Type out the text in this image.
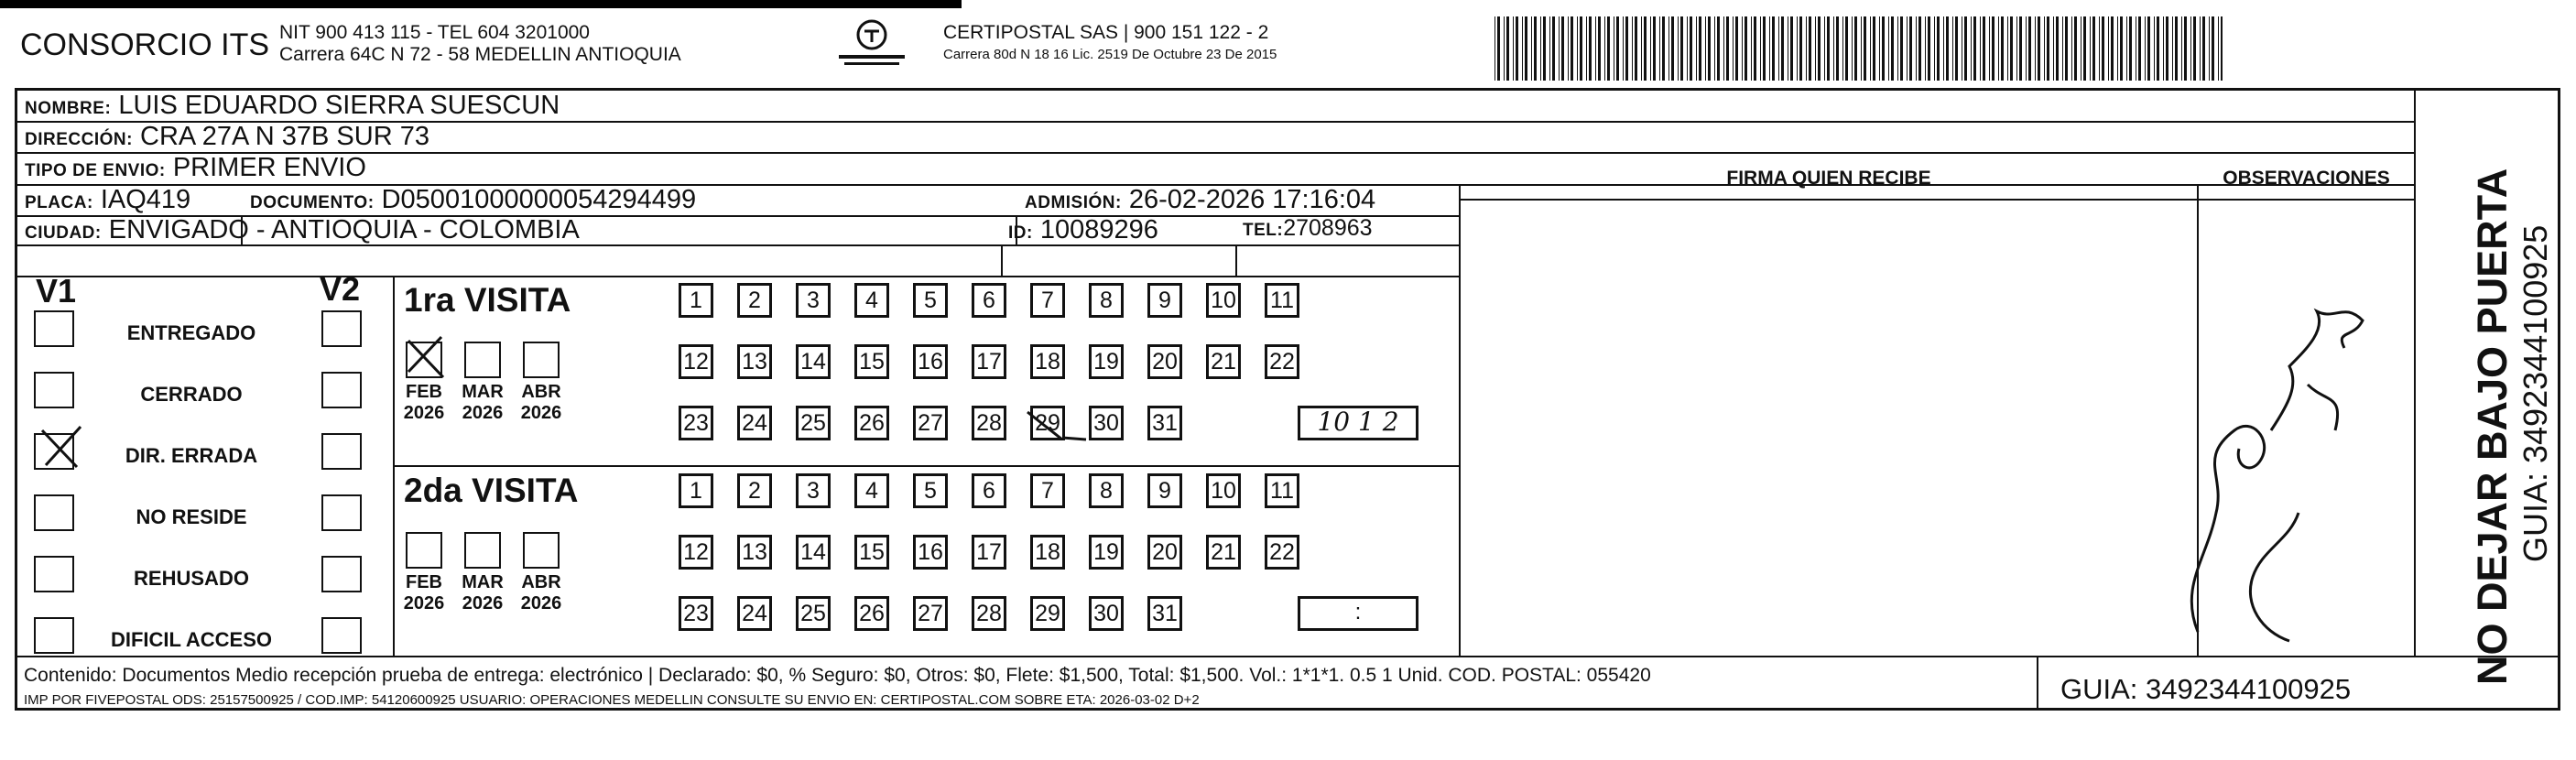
CONSORCIO ITS NIT 900 413 115 - TEL 604 3201000
Carrera 64C N 72 - 58 MEDELLIN ANTIOQUIA
CERTIPOSTAL SAS | 900 151 122 - 2
Carrera 80d N 18 16 Lic. 2519 De Octubre 23 De 2015
NOMBRE: LUIS EDUARDO SIERRA SUESCUN
DIRECCIÓN: CRA 27A N 37B SUR 73
TIPO DE ENVIO: PRIMER ENVIO	FIRMA QUIEN RECIBE	OBSERVACIONES
PLACA: IAQ419	DOCUMENTO: D05001000000054294499	ADMISIÓN: 26-02-2026 17:16:04
CIUDAD: ENVIGADO - ANTIOQUIA - COLOMBIA	ID: 10089296	TEL:2708963
V1	V2
ENTREGADO
CERRADO
DIR. ERRADA
NO RESIDE
REHUSADO
DIFICIL ACCESO
1ra VISITA
2da VISITA
FEB
2026
MAR
2026
ABR
2026
FEB
2026
MAR
2026
ABR
2026
1	2	3	4	5	6	7	8	9	10 11
12 13 14 15 16 17 18 19 20 21 22
23 24 25 26 27 28 29 30 31
1	2	3	4	5	6	7	8	9	10 11
12 13 14 15 16 17 18 19 20 21 22
23 24 25 26 27 28 29 30 31
10 1 2
:	NO DEJAR BAJO PUERTA GUIA: 3492344100925
Contenido: Documentos Medio recepción prueba de entrega: electrónico | Declarado: $0, % Seguro: $0, Otros: $0, Flete: $1,500, Total: $1,500. Vol.: 1*1*1. 0.5 1 Unid. COD. POSTAL: 055420
IMP POR FIVEPOSTAL ODS: 25157500925 / COD.IMP: 54120600925 USUARIO: OPERACIONES MEDELLIN CONSULTE SU ENVIO EN: CERTIPOSTAL.COM SOBRE ETA: 2026-03-02 D+2	GUIA: 3492344100925
